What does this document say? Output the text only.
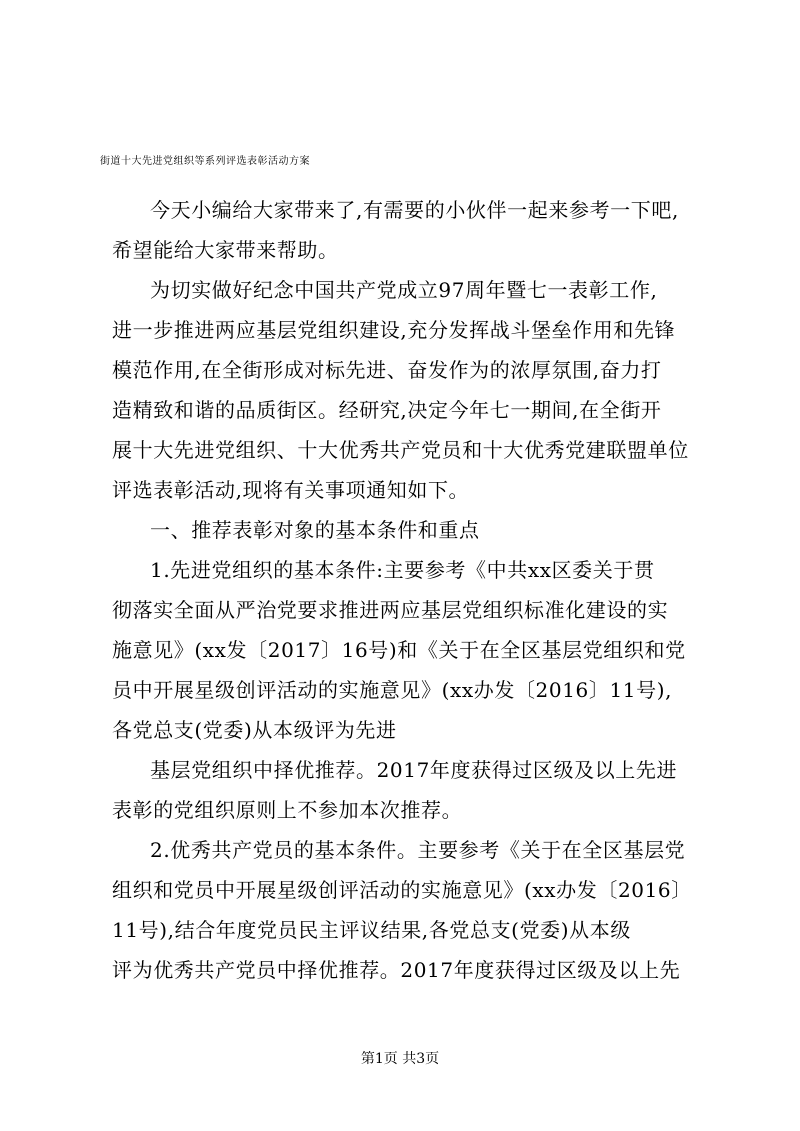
街道十大先进党组织等系列评选表彰活动方案

今天小编给大家带来了,有需要的小伙伴一起来参考一下吧,

希望能给大家带来帮助。

为切实做好纪念中国共产党成立97周年暨七一表彰工作,

进一步推进两应基层党组织建设,充分发挥战斗堡垒作用和先锋

模范作用,在全街形成对标先进、奋发作为的浓厚氛围,奋力打

造精致和谐的品质街区。经研究,决定今年七一期间,在全街开

展十大先进党组织、十大优秀共产党员和十大优秀党建联盟单位

评选表彰活动,现将有关事项通知如下。

一、推荐表彰对象的基本条件和重点

1.先进党组织的基本条件:主要参考《中共xx区委关于贯

彻落实全面从严治党要求推进两应基层党组织标准化建设的实

施意见》(xx发〔2017〕16号)和《关于在全区基层党组织和党

员中开展星级创评活动的实施意见》(xx办发〔2016〕11号),

各党总支(党委)从本级评为先进

基层党组织中择优推荐。2017年度获得过区级及以上先进

表彰的党组织原则上不参加本次推荐。

2.优秀共产党员的基本条件。主要参考《关于在全区基层党

组织和党员中开展星级创评活动的实施意见》(xx办发〔2016〕

11号),结合年度党员民主评议结果,各党总支(党委)从本级

评为优秀共产党员中择优推荐。2017年度获得过区级及以上先

第1页 共3页
